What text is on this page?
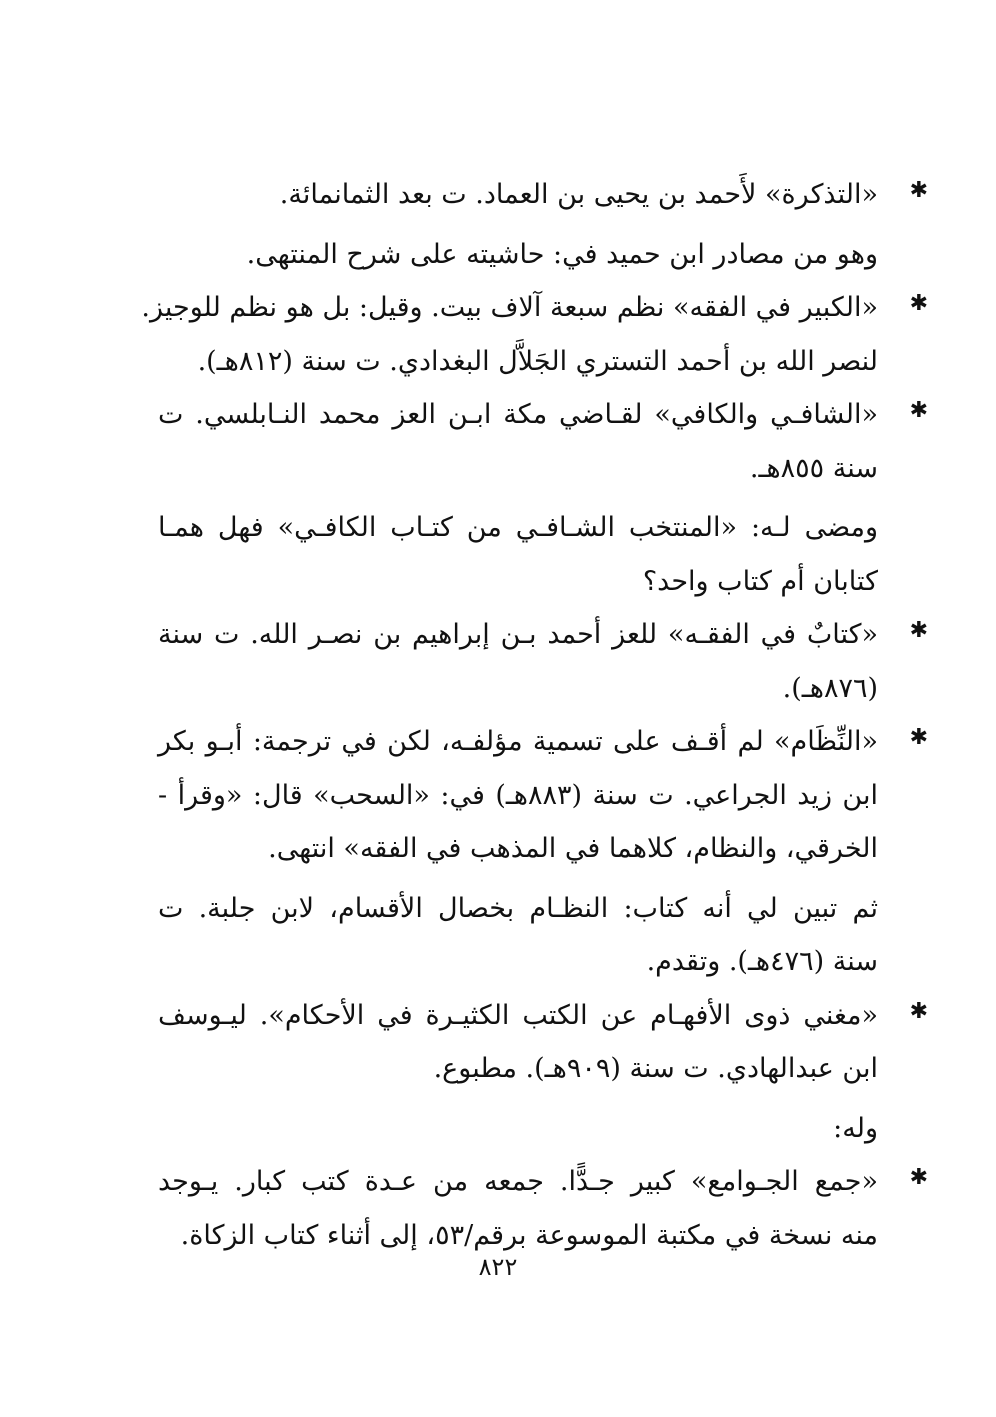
✱
«التذكرة» لأَحمد بن يحيى بن العماد. ت بعد الثمانمائة.
وهو من مصادر ابن حميد في: حاشيته على شرح المنتهى.
✱
«الكبير في الفقه» نظم سبعة آلاف بيت. وقيل: بل هو نظم للوجيز.
لنصر الله بن أحمد التستري الجَلاَّل البغدادي. ت سنة (٨١٢هـ).
✱
«الشافـي والكافي» لقـاضي مكة ابـن العز محمد النـابلسي. ت
سنة ٨٥٥هـ.
ومضى لـه: «المنتخب الشـافـي من كتـاب الكافـي» فهل همـا
كتابان أم كتاب واحد؟
✱
«كتابٌ في الفقـه» للعز أحمد بـن إبراهيم بن نصـر الله. ت سنة
(٨٧٦هـ).
✱
«النِّظَام» لم أقـف على تسمية مؤلفـه، لكن في ترجمة: أبـو بكر
ابن زيد الجراعي. ت سنة (٨٨٣هـ) في: «السحب» قال: «وقرأ -
الخرقي، والنظام، كلاهما في المذهب في الفقه» انتهى.
ثم تبين لي أنه كتاب: النظـام بخصال الأقسام، لابن جلبة. ت
سنة (٤٧٦هـ). وتقدم.
✱
«مغني ذوى الأفهـام عن الكتب الكثيـرة في الأحكام». ليـوسف
ابن عبدالهادي. ت سنة (٩٠٩هـ). مطبوع.
وله:
✱
«جمع الجـوامع» كبير جـدًّا. جمعه من عـدة كتب كبار. يـوجد
منه نسخة في مكتبة الموسوعة برقم/٥٣، إلى أثناء كتاب الزكاة.
٨٢٢
